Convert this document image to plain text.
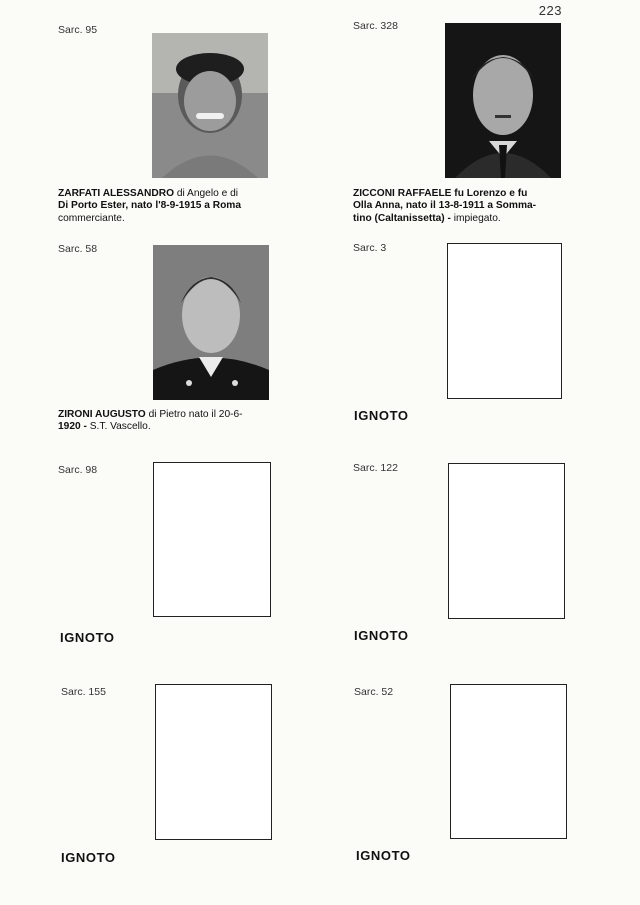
223
Sarc. 95
ZARFATI ALESSANDRO di Angelo e di
Di Porto Ester, nato l'8-9-1915 a Roma
commerciante.
Sarc. 328
ZICCONI RAFFAELE fu Lorenzo e fu
Olla Anna, nato il 13-8-1911 a Somma-
tino (Caltanissetta) - impiegato.
Sarc. 58
ZIRONI AUGUSTO di Pietro nato il 20-6-
1920 - S.T. Vascello.
Sarc. 3
IGNOTO
Sarc. 98
IGNOTO
Sarc. 122
IGNOTO
Sarc. 155
IGNOTO
Sarc. 52
IGNOTO
